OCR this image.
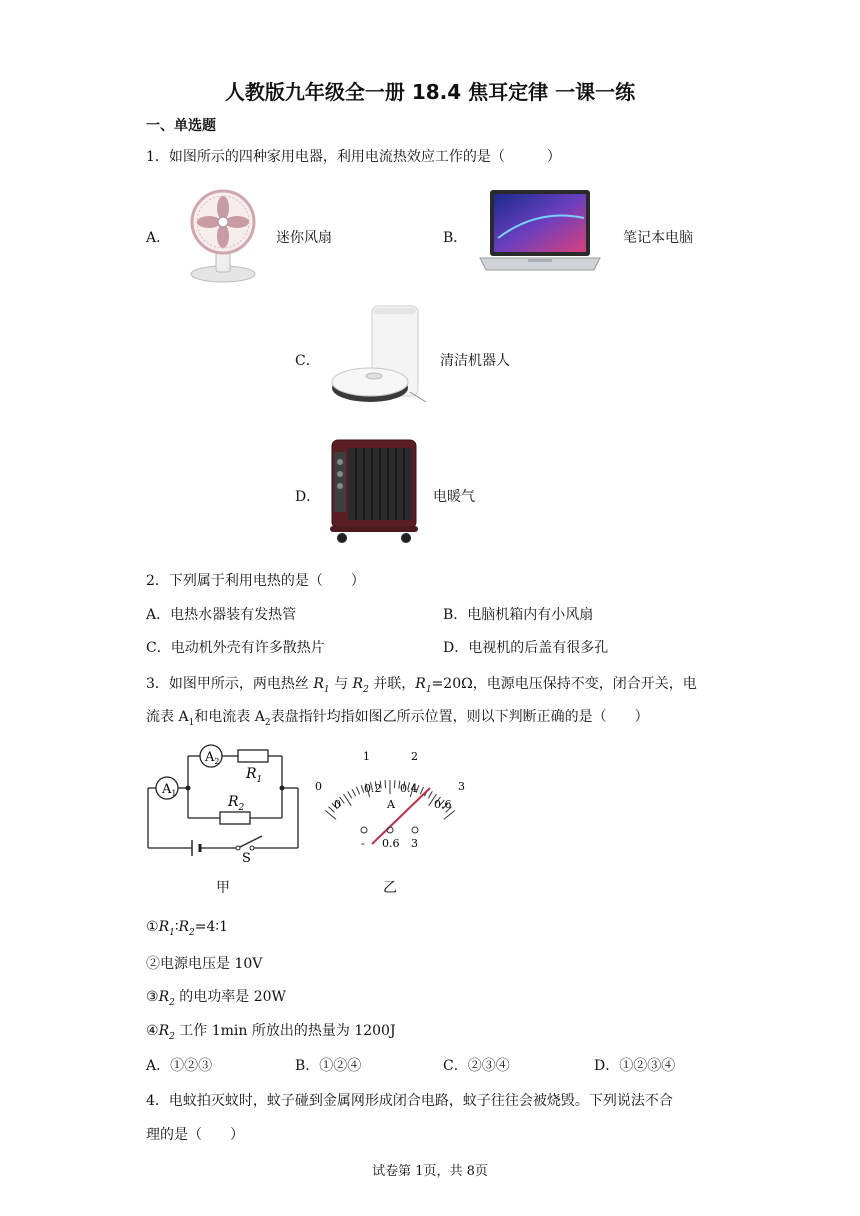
人教版九年级全一册 18.4 焦耳定律 一课一练
一、单选题
1．如图所示的四种家用电器，利用电流热效应工作的是（　　　）
A．	迷你风扇	B．	笔记本电脑
C．	清洁机器人
D．	电暖气
2．下列属于利用电热的是（　　）
A．电热水器装有发热管	B．电脑机箱内有小风扇
C．电动机外壳有许多散热片	D．电视机的后盖有很多孔
3．如图甲所示，两电热丝 $R_1$ 与 $R_2$ 并联，$R_1=20\Omega$，电源电压保持不变，闭合开关，电
流表 $A_1$和电流表 $A_2$表盘指针均指如图乙所示位置，则以下判断正确的是（　　）
$A_1$
$A_2$
$R_1$
$R_2$
S
0
1	2
3
0
0.2 0.4
0.6
A
- 0.6 3
甲	乙
$①R_1∶R_2=4∶1$
②电源电压是 10V
$③R_2$ 的电功率是 20W
$④R_2$ 工作 1min 所放出的热量为 1200J
A．①②③	B．①②④	C．②③④	D．①②③④
4．电蚊拍灭蚊时，蚊子碰到金属网形成闭合电路，蚊子往往会被烧毁。下列说法不合
理的是（　　）
试卷第 1页，共 8页
